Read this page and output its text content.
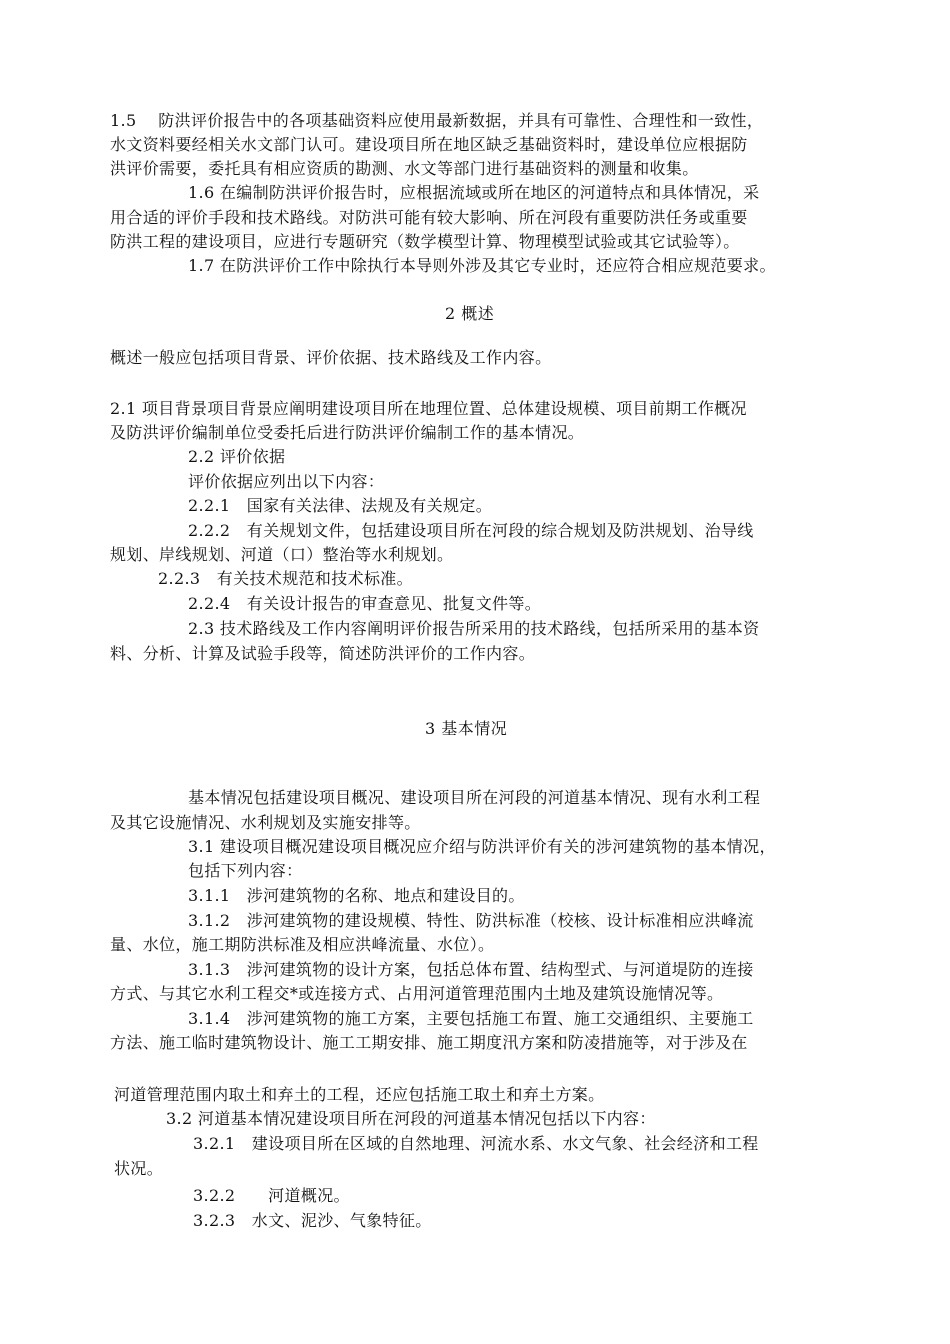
1.5　 防洪评价报告中的各项基础资料应使用最新数据，并具有可靠性、合理性和一致性，
水文资料要经相关水文部门认可。建设项目所在地区缺乏基础资料时，建设单位应根据防
洪评价需要，委托具有相应资质的勘测、水文等部门进行基础资料的测量和收集。
1.6 在编制防洪评价报告时，应根据流域或所在地区的河道特点和具体情况，采
用合适的评价手段和技术路线。对防洪可能有较大影响、所在河段有重要防洪任务或重要
防洪工程的建设项目，应进行专题研究（数学模型计算、物理模型试验或其它试验等）。
1.7 在防洪评价工作中除执行本导则外涉及其它专业时，还应符合相应规范要求。
2 概述
概述一般应包括项目背景、评价依据、技术路线及工作内容。
2.1 项目背景项目背景应阐明建设项目所在地理位置、总体建设规模、项目前期工作概况
及防洪评价编制单位受委托后进行防洪评价编制工作的基本情况。
2.2 评价依据
评价依据应列出以下内容：
2.2.1　国家有关法律、法规及有关规定。
2.2.2　有关规划文件，包括建设项目所在河段的综合规划及防洪规划、治导线
规划、岸线规划、河道（口）整治等水利规划。
2.2.3　有关技术规范和技术标准。
2.2.4　有关设计报告的审查意见、批复文件等。
2.3 技术路线及工作内容阐明评价报告所采用的技术路线，包括所采用的基本资
料、分析、计算及试验手段等，简述防洪评价的工作内容。
3 基本情况
基本情况包括建设项目概况、建设项目所在河段的河道基本情况、现有水利工程
及其它设施情况、水利规划及实施安排等。
3.1 建设项目概况建设项目概况应介绍与防洪评价有关的涉河建筑物的基本情况，
包括下列内容：
3.1.1　涉河建筑物的名称、地点和建设目的。
3.1.2　涉河建筑物的建设规模、特性、防洪标准（校核、设计标准相应洪峰流
量、水位，施工期防洪标准及相应洪峰流量、水位）。
3.1.3　涉河建筑物的设计方案，包括总体布置、结构型式、与河道堤防的连接
方式、与其它水利工程交*或连接方式、占用河道管理范围内土地及建筑设施情况等。
3.1.4　涉河建筑物的施工方案，主要包括施工布置、施工交通组织、主要施工
方法、施工临时建筑物设计、施工工期安排、施工期度汛方案和防凌措施等，对于涉及在
河道管理范围内取土和弃土的工程，还应包括施工取土和弃土方案。
3.2 河道基本情况建设项目所在河段的河道基本情况包括以下内容：
3.2.1　建设项目所在区域的自然地理、河流水系、水文气象、社会经济和工程
状况。
3.2.2　　河道概况。
3.2.3　水文、泥沙、气象特征。
